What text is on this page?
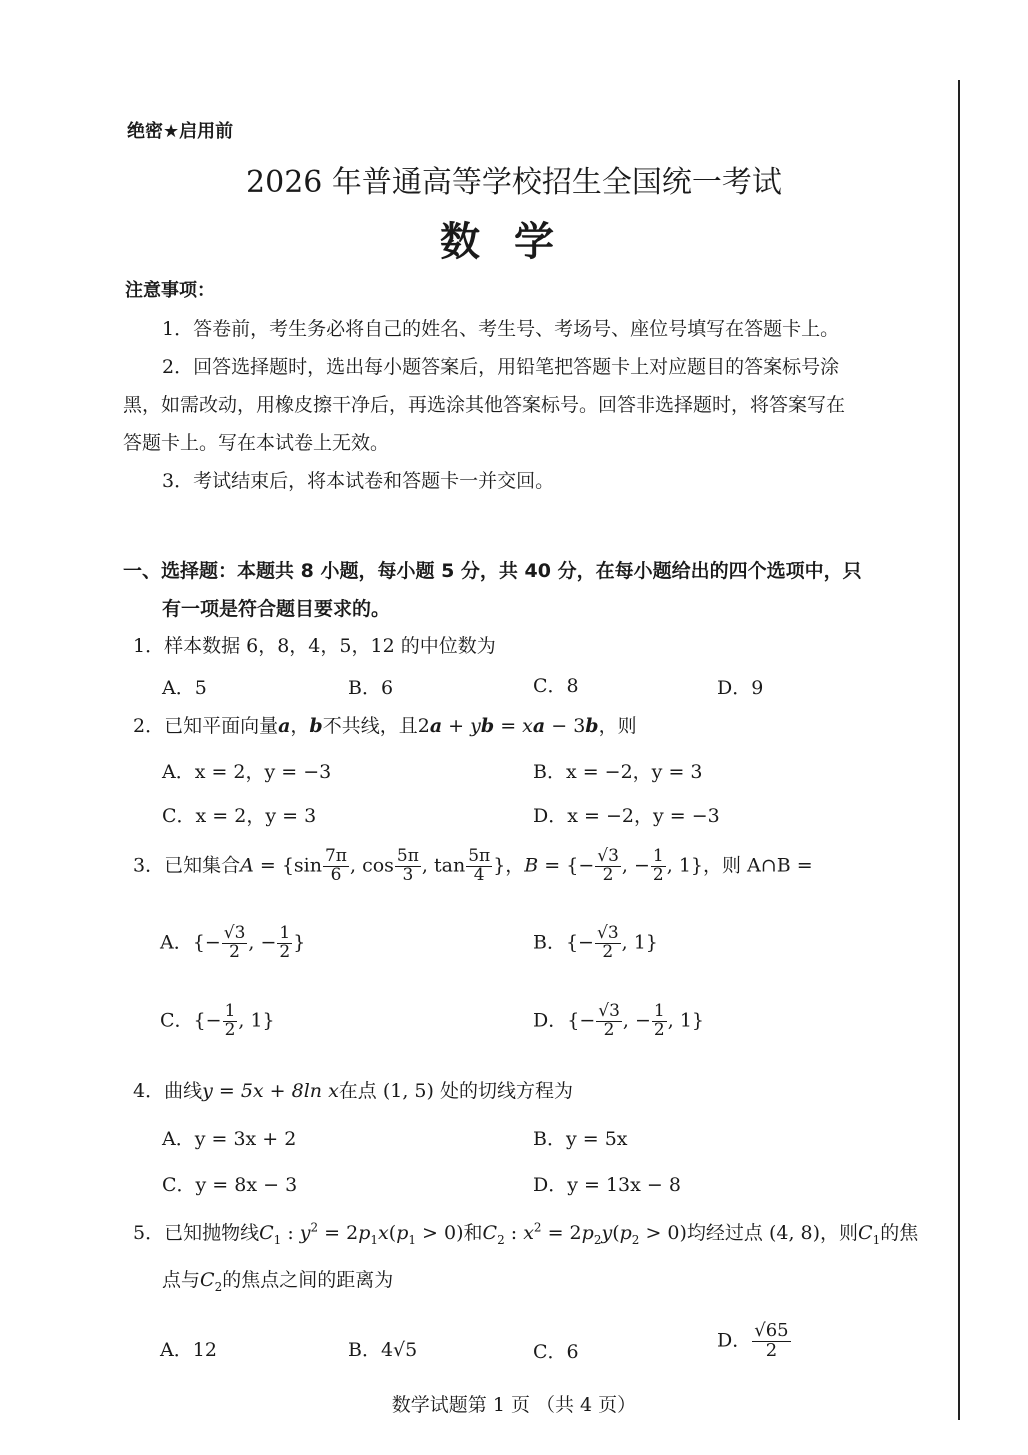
绝密★启用前
2026 年普通高等学校招生全国统一考试
数学
注意事项：
1．答卷前，考生务必将自己的姓名、考生号、考场号、座位号填写在答题卡上。
2．回答选择题时，选出每小题答案后，用铅笔把答题卡上对应题目的答案标号涂
黑，如需改动，用橡皮擦干净后，再选涂其他答案标号。回答非选择题时，将答案写在
答题卡上。写在本试卷上无效。
3．考试结束后，将本试卷和答题卡一并交回。
一、选择题：本题共 8 小题，每小题 5 分，共 40 分，在每小题给出的四个选项中，只
有一项是符合题目要求的。
1．样本数据 6，8，4，5，12 的中位数为
A．5	B．6	C．8	D．9
2．已知平面向量a，b不共线，且2a + yb = xa − 3b，则
A．x = 2，y = −3	B．x = −2，y = 3
C．x = 2，y = 3	D．x = −2，y = −3
3．已知集合$A = \{\sin \frac{7\pi}{6}$ , $\cos \frac{5\pi}{3}$ , $\tan \frac{5\pi}{4}$ }，B = {− $\frac{√3}{2}$ , − $\frac{1}{2}$ , 1}，则 A∩B =
A．{− $\frac{√3}{2}$ , − $\frac{1}{2}$ }	B．{− $\frac{√3}{2}$ , 1}
C．{− $\frac{1}{2}$ , 1}	D．{− $\frac{√3}{2}$ , − $\frac{1}{2}$ , 1}
4．曲线y = 5x + 8ln x在点 (1, 5) 处的切线方程为
A．y = 3x + 2	B．y = 5x
C．y = 8x − 3	D．y = 13x − 8
5．已知抛物线$C_1$ : $y^2 = 2p_1x(p_1 > 0)$和$C_2$ : $x^2 = 2p_2y(p_2 > 0)$均经过点 (4, 8)，则$C_1$的焦
点与$C_2$的焦点之间的距离为
A．12	B．4√5	C．6
D． $\frac{√65}{2}$
数学试题第 1 页 （共 4 页）
